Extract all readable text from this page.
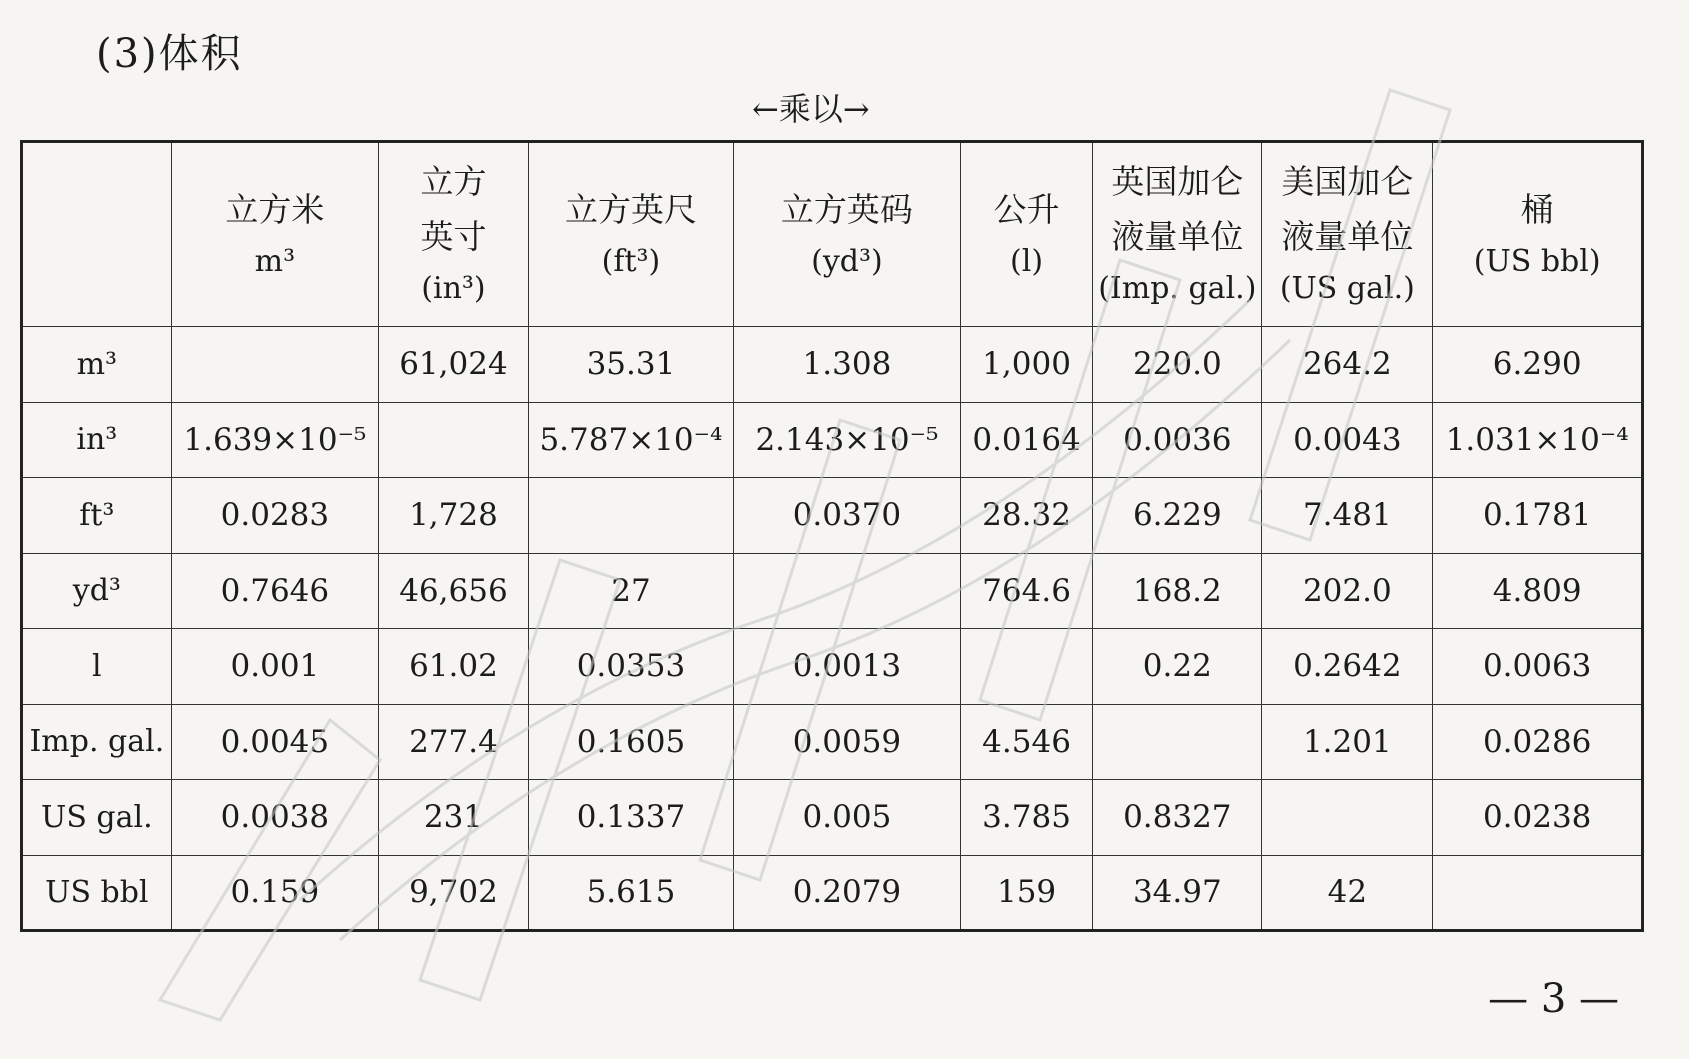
(3)体积
←乘以→

	立方米
m³	立方
英寸
(in³)	立方英尺
(ft³)	立方英码
(yd³)	公升
(l)	英国加仑
液量单位
(Imp. gal.)	美国加仑
液量单位
(US gal.)	桶
(US bbl)

m³		61,024	35.31	1.308	1,000	220.0	264.2	6.290
in³	1.639×10⁻⁵		5.787×10⁻⁴	2.143×10⁻⁵	0.0164	0.0036	0.0043	1.031×10⁻⁴
ft³	0.0283	1,728		0.0370	28.32	6.229	7.481	0.1781
yd³	0.7646	46,656	27		764.6	168.2	202.0	4.809
l	0.001	61.02	0.0353	0.0013		0.22	0.2642	0.0063
Imp. gal.	0.0045	277.4	0.1605	0.0059	4.546		1.201	0.0286
US gal.	0.0038	231	0.1337	0.005	3.785	0.8327		0.0238
US bbl	0.159	9,702	5.615	0.2079	159	34.97	42	
— 3 —
